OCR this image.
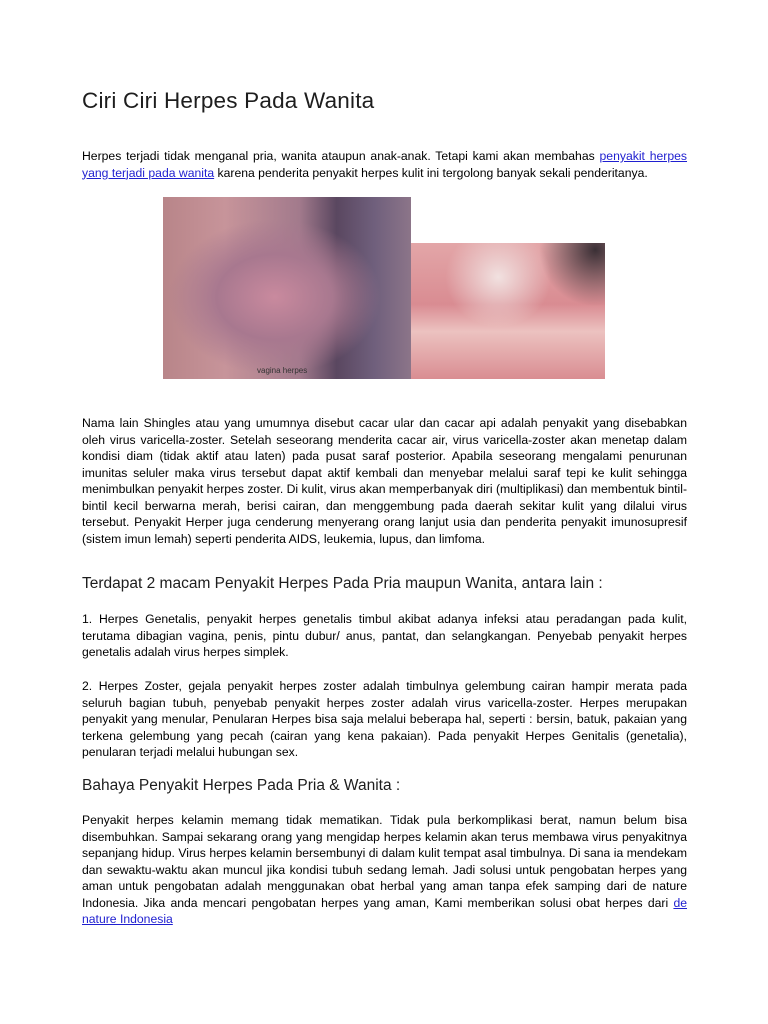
Ciri Ciri Herpes Pada Wanita

Herpes terjadi tidak menganal pria, wanita ataupun anak-anak. Tetapi kami akan membahas penyakit herpes yang terjadi pada wanita karena penderita penyakit herpes kulit ini tergolong banyak sekali penderitanya.

vagina herpes

Nama lain Shingles atau yang umumnya disebut cacar ular dan cacar api adalah penyakit yang disebabkan oleh virus varicella-zoster. Setelah seseorang menderita cacar air, virus varicella-zoster akan menetap dalam kondisi diam (tidak aktif atau laten) pada pusat saraf posterior. Apabila seseorang mengalami penurunan imunitas seluler maka virus tersebut dapat aktif kembali dan menyebar melalui saraf tepi ke kulit sehingga menimbulkan penyakit herpes zoster. Di kulit, virus akan memperbanyak diri (multiplikasi) dan membentuk bintil-bintil kecil berwarna merah, berisi cairan, dan menggembung pada daerah sekitar kulit yang dilalui virus tersebut. Penyakit Herper juga cenderung menyerang orang lanjut usia dan penderita penyakit imunosupresif (sistem imun lemah) seperti penderita AIDS, leukemia, lupus, dan limfoma.

Terdapat 2 macam Penyakit Herpes Pada Pria maupun Wanita, antara lain :

1. Herpes Genetalis, penyakit herpes genetalis timbul akibat adanya infeksi atau peradangan pada kulit, terutama dibagian vagina, penis, pintu dubur/ anus, pantat, dan selangkangan. Penyebab penyakit herpes genetalis adalah virus herpes simplek.

2. Herpes Zoster, gejala penyakit herpes zoster adalah timbulnya gelembung cairan hampir merata pada seluruh bagian tubuh, penyebab penyakit herpes zoster adalah virus varicella-zoster. Herpes merupakan penyakit yang menular, Penularan Herpes bisa saja melalui beberapa hal, seperti : bersin, batuk, pakaian yang terkena gelembung yang pecah (cairan yang kena pakaian). Pada penyakit Herpes Genitalis (genetalia), penularan terjadi melalui hubungan sex.

Bahaya Penyakit Herpes Pada Pria & Wanita :

Penyakit herpes kelamin memang tidak mematikan. Tidak pula berkomplikasi berat, namun belum bisa disembuhkan. Sampai sekarang orang yang mengidap herpes kelamin akan terus membawa virus penyakitnya sepanjang hidup. Virus herpes kelamin bersembunyi di dalam kulit tempat asal timbulnya. Di sana ia mendekam dan sewaktu-waktu akan muncul jika kondisi tubuh sedang lemah. Jadi solusi untuk pengobatan herpes yang aman untuk pengobatan adalah menggunakan obat herbal yang aman tanpa efek samping dari de nature Indonesia. Jika anda mencari pengobatan herpes yang aman, Kami memberikan solusi obat herpes dari de nature Indonesia
